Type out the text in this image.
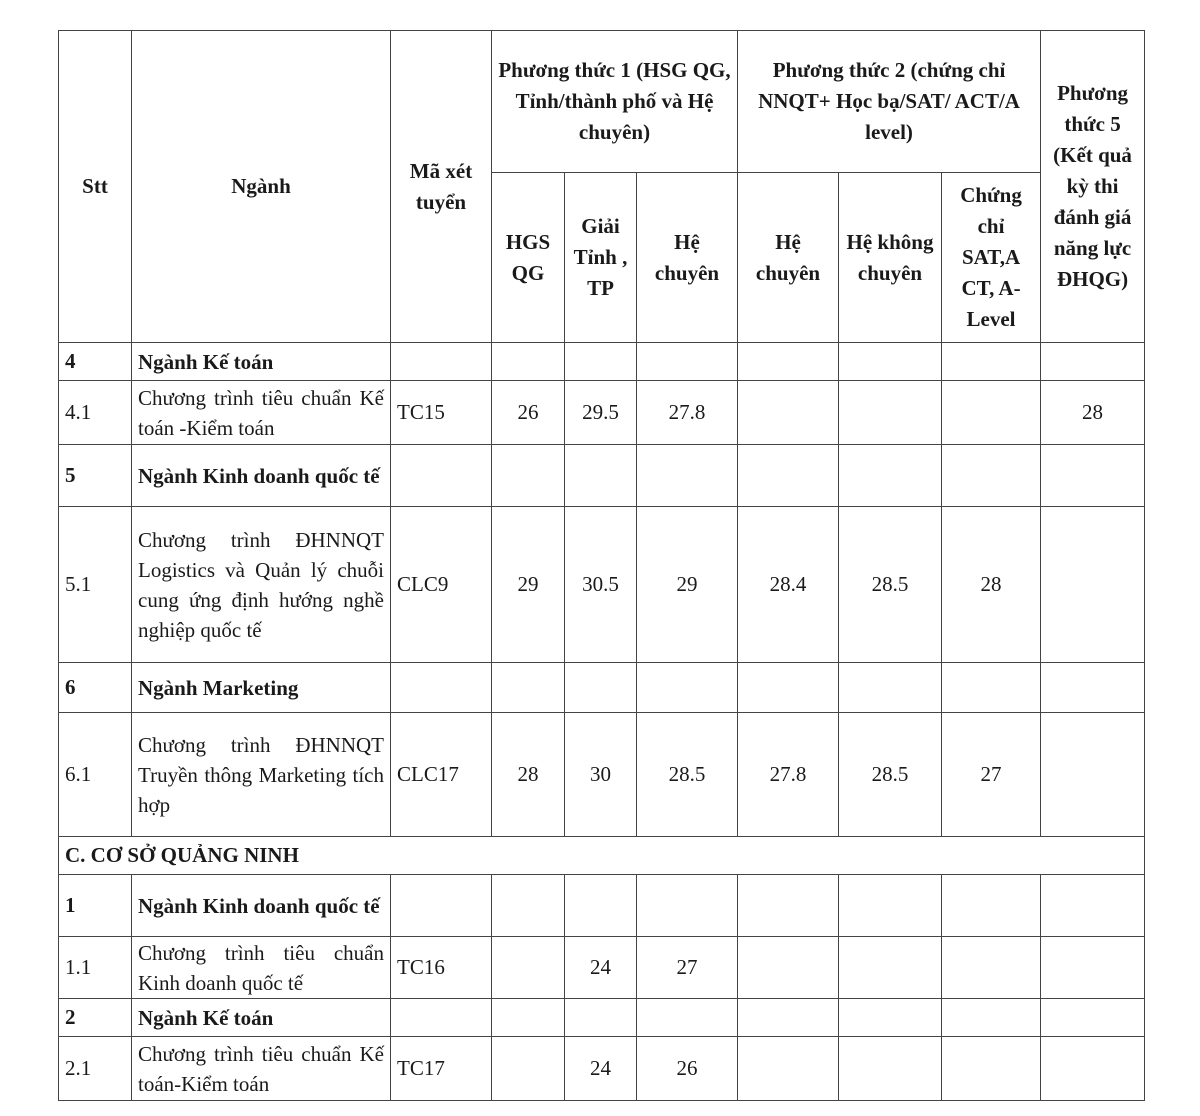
Stt	Ngành	Mã xét tuyển	Phương thức 1 (HSG QG, Tỉnh/thành phố và Hệ chuyên)			Phương thức 2 (chứng chỉ NNQT+ Học bạ/SAT/ ACT/A level)			Phương thức 5 (Kết quả kỳ thi đánh giá năng lực ĐHQG)
			HGS QG	Giải Tỉnh , TP	Hệ chuyên	Hệ chuyên	Hệ không chuyên	Chứng chỉ SAT,A CT, A-Level	
4	Ngành Kế toán								
4.1	Chương trình tiêu chuẩn Kế toán -Kiểm toán	TC15	26	29.5	27.8				28
5	Ngành Kinh doanh quốc tế								
5.1	Chương trình ĐHNNQT Logistics và Quản lý chuỗi cung ứng định hướng nghề nghiệp quốc tế	CLC9	29	30.5	29	28.4	28.5	28	
6	Ngành Marketing								
6.1	Chương trình ĐHNNQT Truyền thông Marketing tích hợp	CLC17	28	30	28.5	27.8	28.5	27	
C. CƠ SỞ QUẢNG NINH									
1	Ngành Kinh doanh quốc tế								
1.1	Chương trình tiêu chuẩn Kinh doanh quốc tế	TC16		24	27				
2	Ngành Kế toán								
2.1	Chương trình tiêu chuẩn Kế toán-Kiểm toán	TC17		24	26				
